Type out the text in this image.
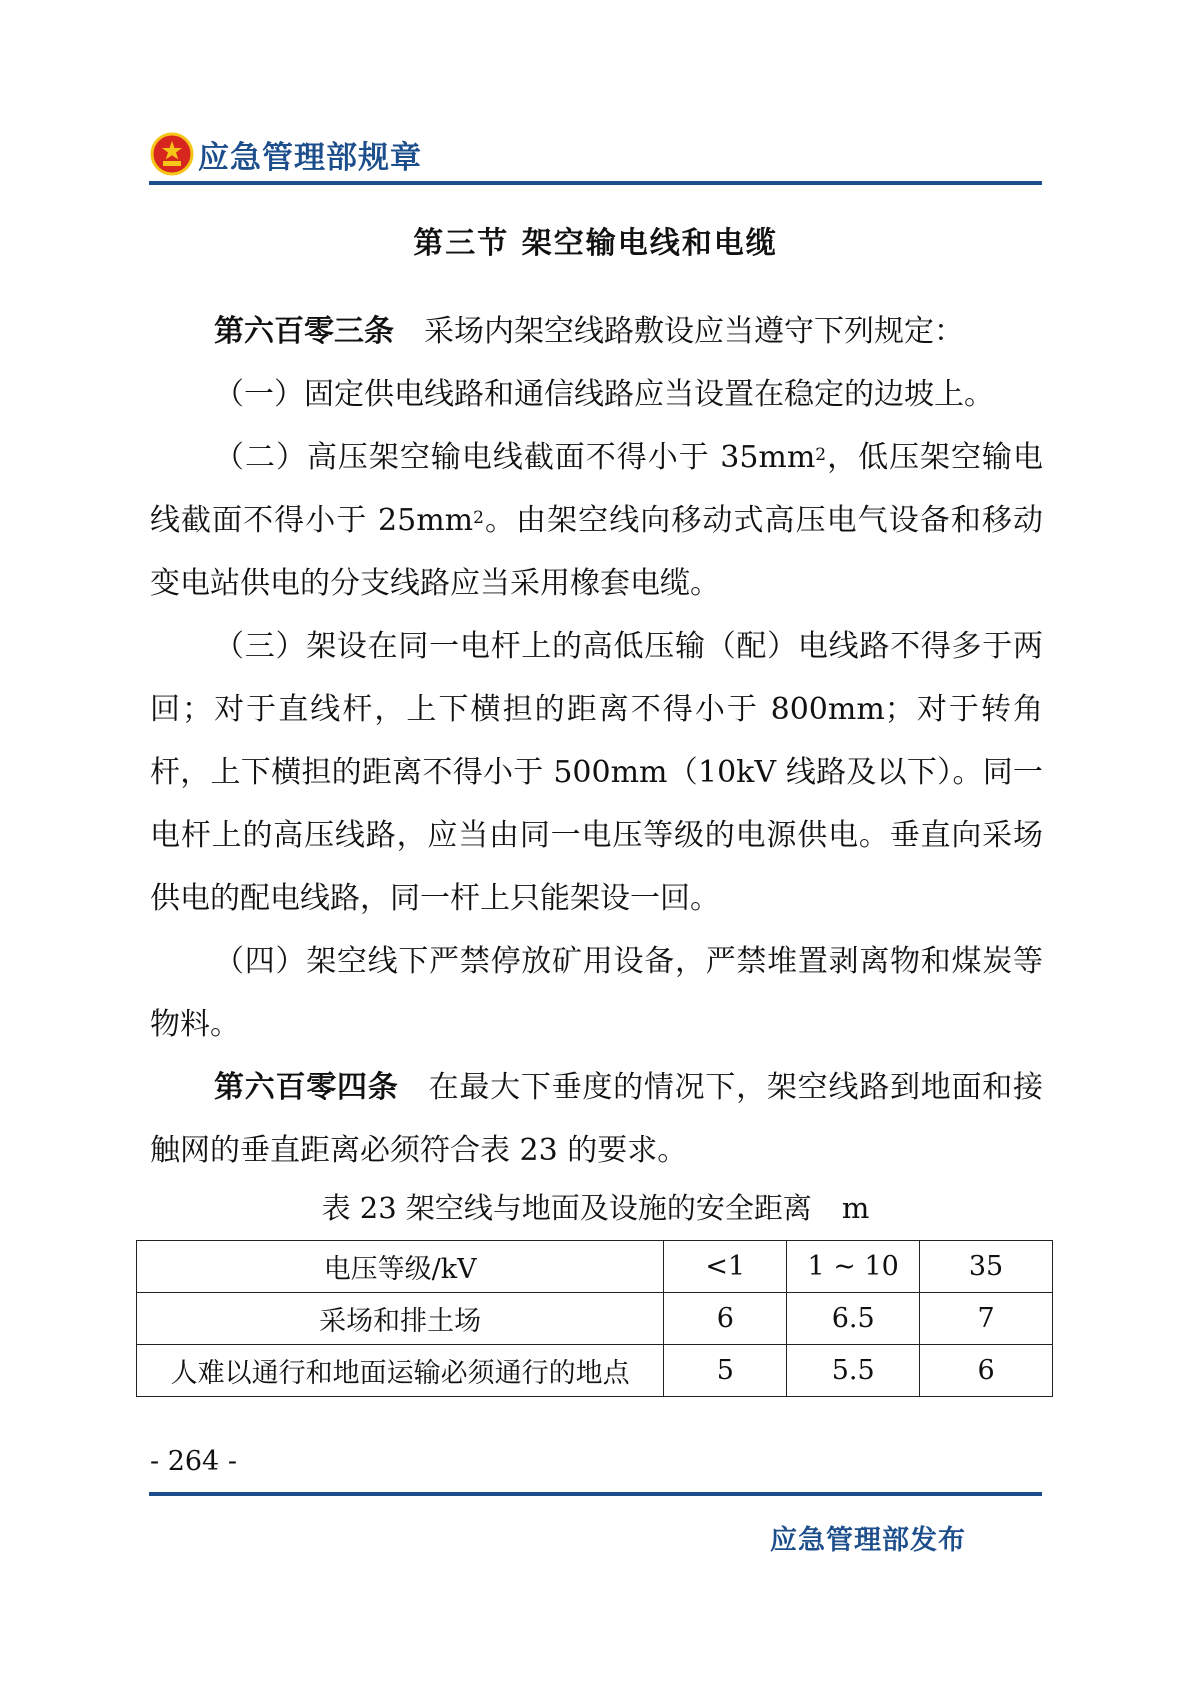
应急管理部规章
第三节 架空输电线和电缆

第六百零三条 采场内架空线路敷设应当遵守下列规定：

（一）固定供电线路和通信线路应当设置在稳定的边坡上。

（二）高压架空输电线截面不得小于 $35mm^2$，低压架空输电线截面不得小于 $25mm^2$。由架空线向移动式高压电气设备和移动变电站供电的分支线路应当采用橡套电缆。

（三）架设在同一电杆上的高低压输（配）电线路不得多于两回；对于直线杆，上下横担的距离不得小于 800mm；对于转角杆，上下横担的距离不得小于 500mm（10kV 线路及以下）。同一电杆上的高压线路，应当由同一电压等级的电源供电。垂直向采场供电的配电线路，同一杆上只能架设一回。

（四）架空线下严禁停放矿用设备，严禁堆置剥离物和煤炭等物料。

第六百零四条 在最大下垂度的情况下，架空线路到地面和接触网的垂直距离必须符合表 23 的要求。

表 23 架空线与地面及设施的安全距离 m
电压等级/kV	<1	1 ~ 10	35
采场和排土场	6	6.5	7
人难以通行和地面运输必须通行的地点	5	5.5	6
- 264 -
应急管理部发布
